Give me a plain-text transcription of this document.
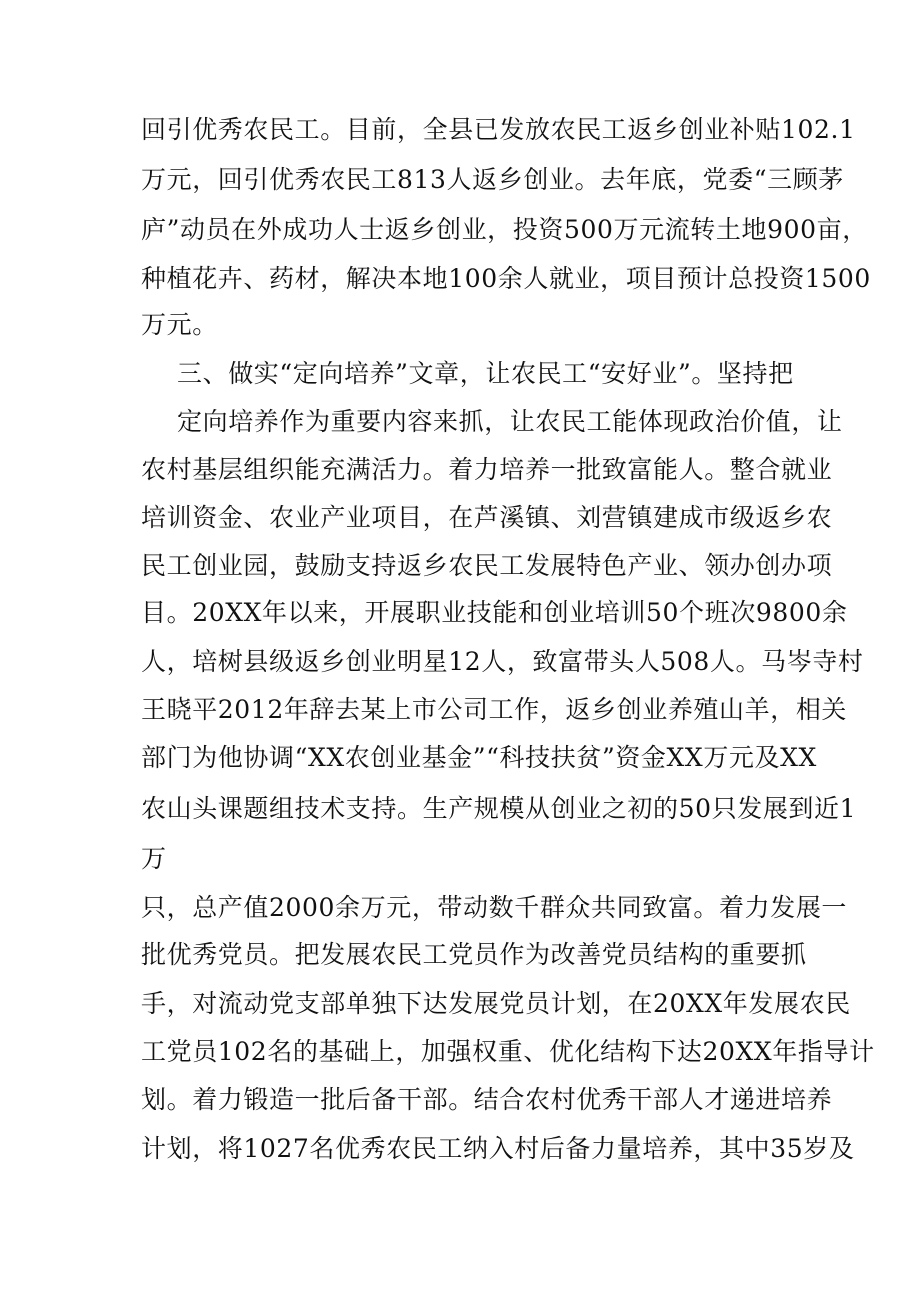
回引优秀农民工。目前，全县已发放农民工返乡创业补贴102.1
万元，回引优秀农民工813人返乡创业。去年底，党委“三顾茅
庐”动员在外成功人士返乡创业，投资500万元流转土地900亩，
种植花卉、药材，解决本地100余人就业，项目预计总投资1500
万元。
三、做实“定向培养”文章，让农民工“安好业”。坚持把
定向培养作为重要内容来抓，让农民工能体现政治价值，让
农村基层组织能充满活力。着力培养一批致富能人。整合就业
培训资金、农业产业项目，在芦溪镇、刘营镇建成市级返乡农
民工创业园，鼓励支持返乡农民工发展特色产业、领办创办项
目。20XX年以来，开展职业技能和创业培训50个班次9800余
人，培树县级返乡创业明星12人，致富带头人508人。马岑寺村
王晓平2012年辞去某上市公司工作，返乡创业养殖山羊，相关
部门为他协调“XX农创业基金”“科技扶贫”资金XX万元及XX
农山头课题组技术支持。生产规模从创业之初的50只发展到近1
万
只，总产值2000余万元，带动数千群众共同致富。着力发展一
批优秀党员。把发展农民工党员作为改善党员结构的重要抓
手，对流动党支部单独下达发展党员计划，在20XX年发展农民
工党员102名的基础上，加强权重、优化结构下达20XX年指导计
划。着力锻造一批后备干部。结合农村优秀干部人才递进培养
计划，将1027名优秀农民工纳入村后备力量培养，其中35岁及
